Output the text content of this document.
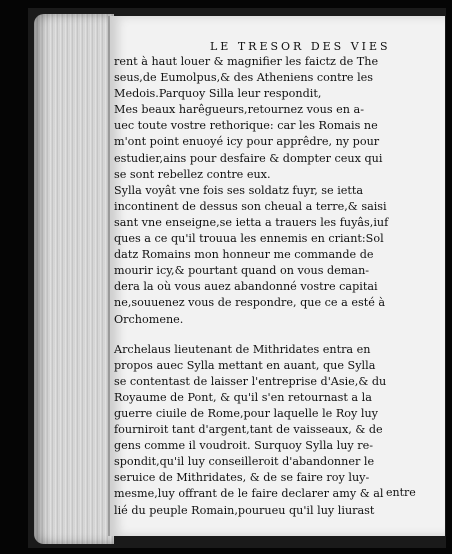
LE TRESOR DES VIES
rent à haut louer & magnifier les faictz de The
seus,de Eumolpus,& des Atheniens contre les
Medois.Parquoy Silla leur respondit,
Mes beaux harêgueurs,retournez vous en a-
uec toute vostre rethorique: car les Romais ne
m'ont point enuoyé icy pour apprêdre, ny pour
estudier,ains pour desfaire & dompter ceux qui
se sont rebellez contre eux.
Sylla voyât vne fois ses soldatz fuyr, se ietta
incontinent de dessus son cheual a terre,& saisi
sant vne enseigne,se ietta a trauers les fuyâs,iuf
ques a ce qu'il trouua les ennemis en criant:Sol
datz Romains mon honneur me commande de
mourir icy,& pourtant quand on vous deman-
dera la où vous auez abandonné vostre capitai
ne,souuenez vous de respondre, que ce a esté à
Orchomene.
Archelaus lieutenant de Mithridates entra en
propos auec Sylla mettant en auant, que Sylla
se contentast de laisser l'entreprise d'Asie,& du
Royaume de Pont, & qu'il s'en retournast a la
guerre ciuile de Rome,pour laquelle le Roy luy
fourniroit tant d'argent,tant de vaisseaux, & de
gens comme il voudroit. Surquoy Sylla luy re-
spondit,qu'il luy conseilleroit d'abandonner le
seruice de Mithridates, & de se faire roy luy-
mesme,luy offrant de le faire declarer amy & al
lié du peuple Romain,pourueu qu'il luy liurast
entre
